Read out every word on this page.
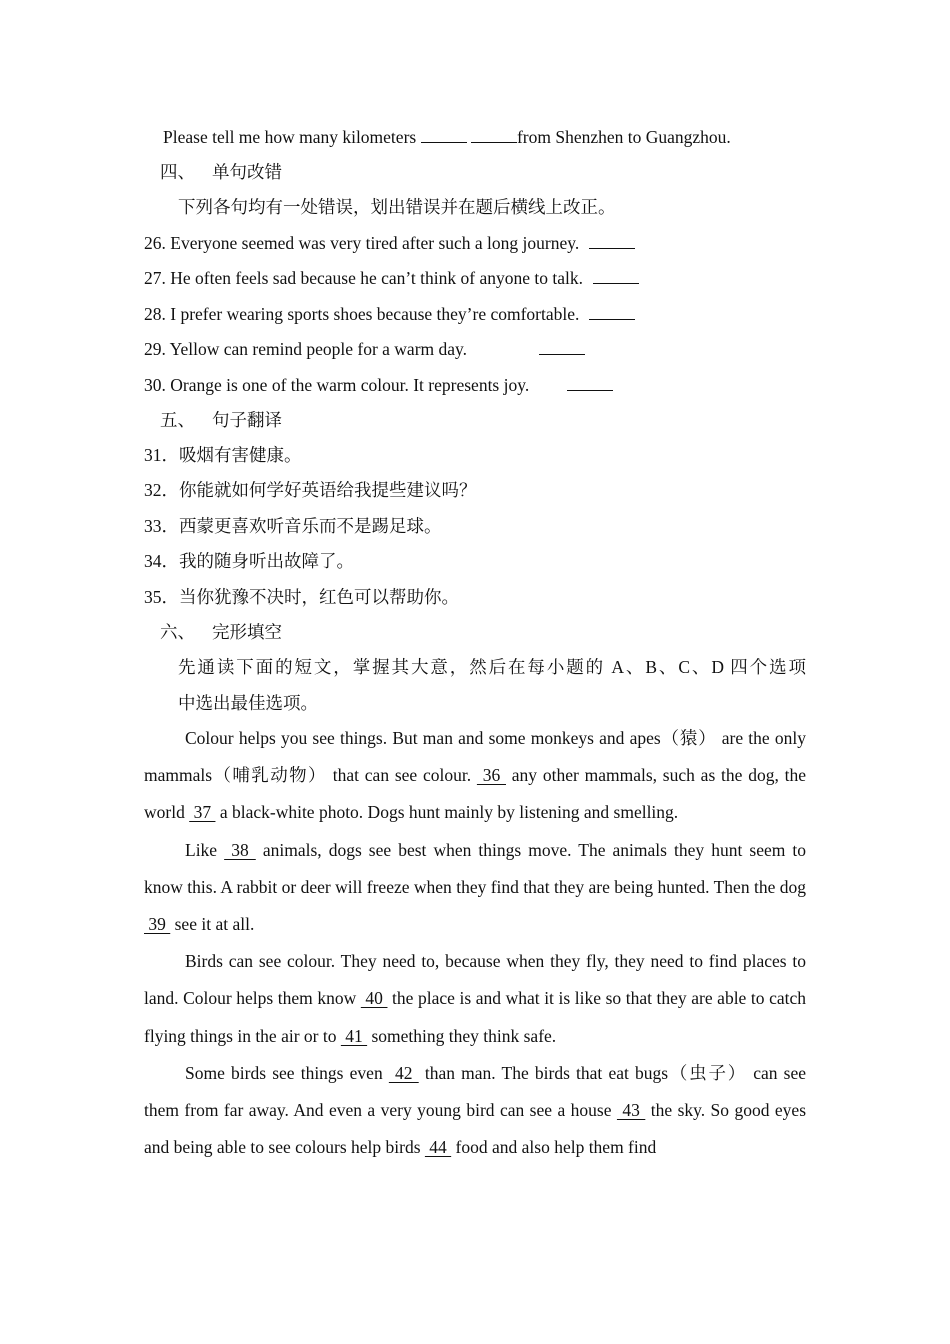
Please tell me how many kilometers	from Shenzhen to Guangzhou.
四、 单句改错
下列各句均有一处错误，划出错误并在题后横线上改正。
26. Everyone seemed was very tired after such a long journey.
27. He often feels sad because he can’t think of anyone to talk.
28. I prefer wearing sports shoes because they’re comfortable.
29. Yellow can remind people for a warm day.
30. Orange is one of the warm colour. It represents joy.
五、 句子翻译
31．吸烟有害健康。
32．你能就如何学好英语给我提些建议吗？
33．西蒙更喜欢听音乐而不是踢足球。
34．我的随身听出故障了。
35．当你犹豫不决时，红色可以帮助你。
六、 完形填空
先通读下面的短文，掌握其大意，然后在每小题的 A、B、C、D 四个选项
中选出最佳选项。

Colour helps you see things. But man and some monkeys and apes（猿） are the only mammals（哺乳动物） that can see colour.  36  any other mammals, such as the dog, the world  37  a black-white photo. Dogs hunt mainly by listening and smelling.

Like  38  animals, dogs see best when things move. The animals they hunt seem to know this. A rabbit or deer will freeze when they find that they are being hunted. Then the dog  39  see it at all.

Birds can see colour. They need to, because when they fly, they need to find places to land. Colour helps them know  40  the place is and what it is like so that they are able to catch flying things in the air or to  41  something they think safe.

Some birds see things even  42  than man. The birds that eat bugs（虫子） can see them from far away. And even a very young bird can see a house  43  the sky. So good eyes and being able to see colours help birds  44  food and also help them find
